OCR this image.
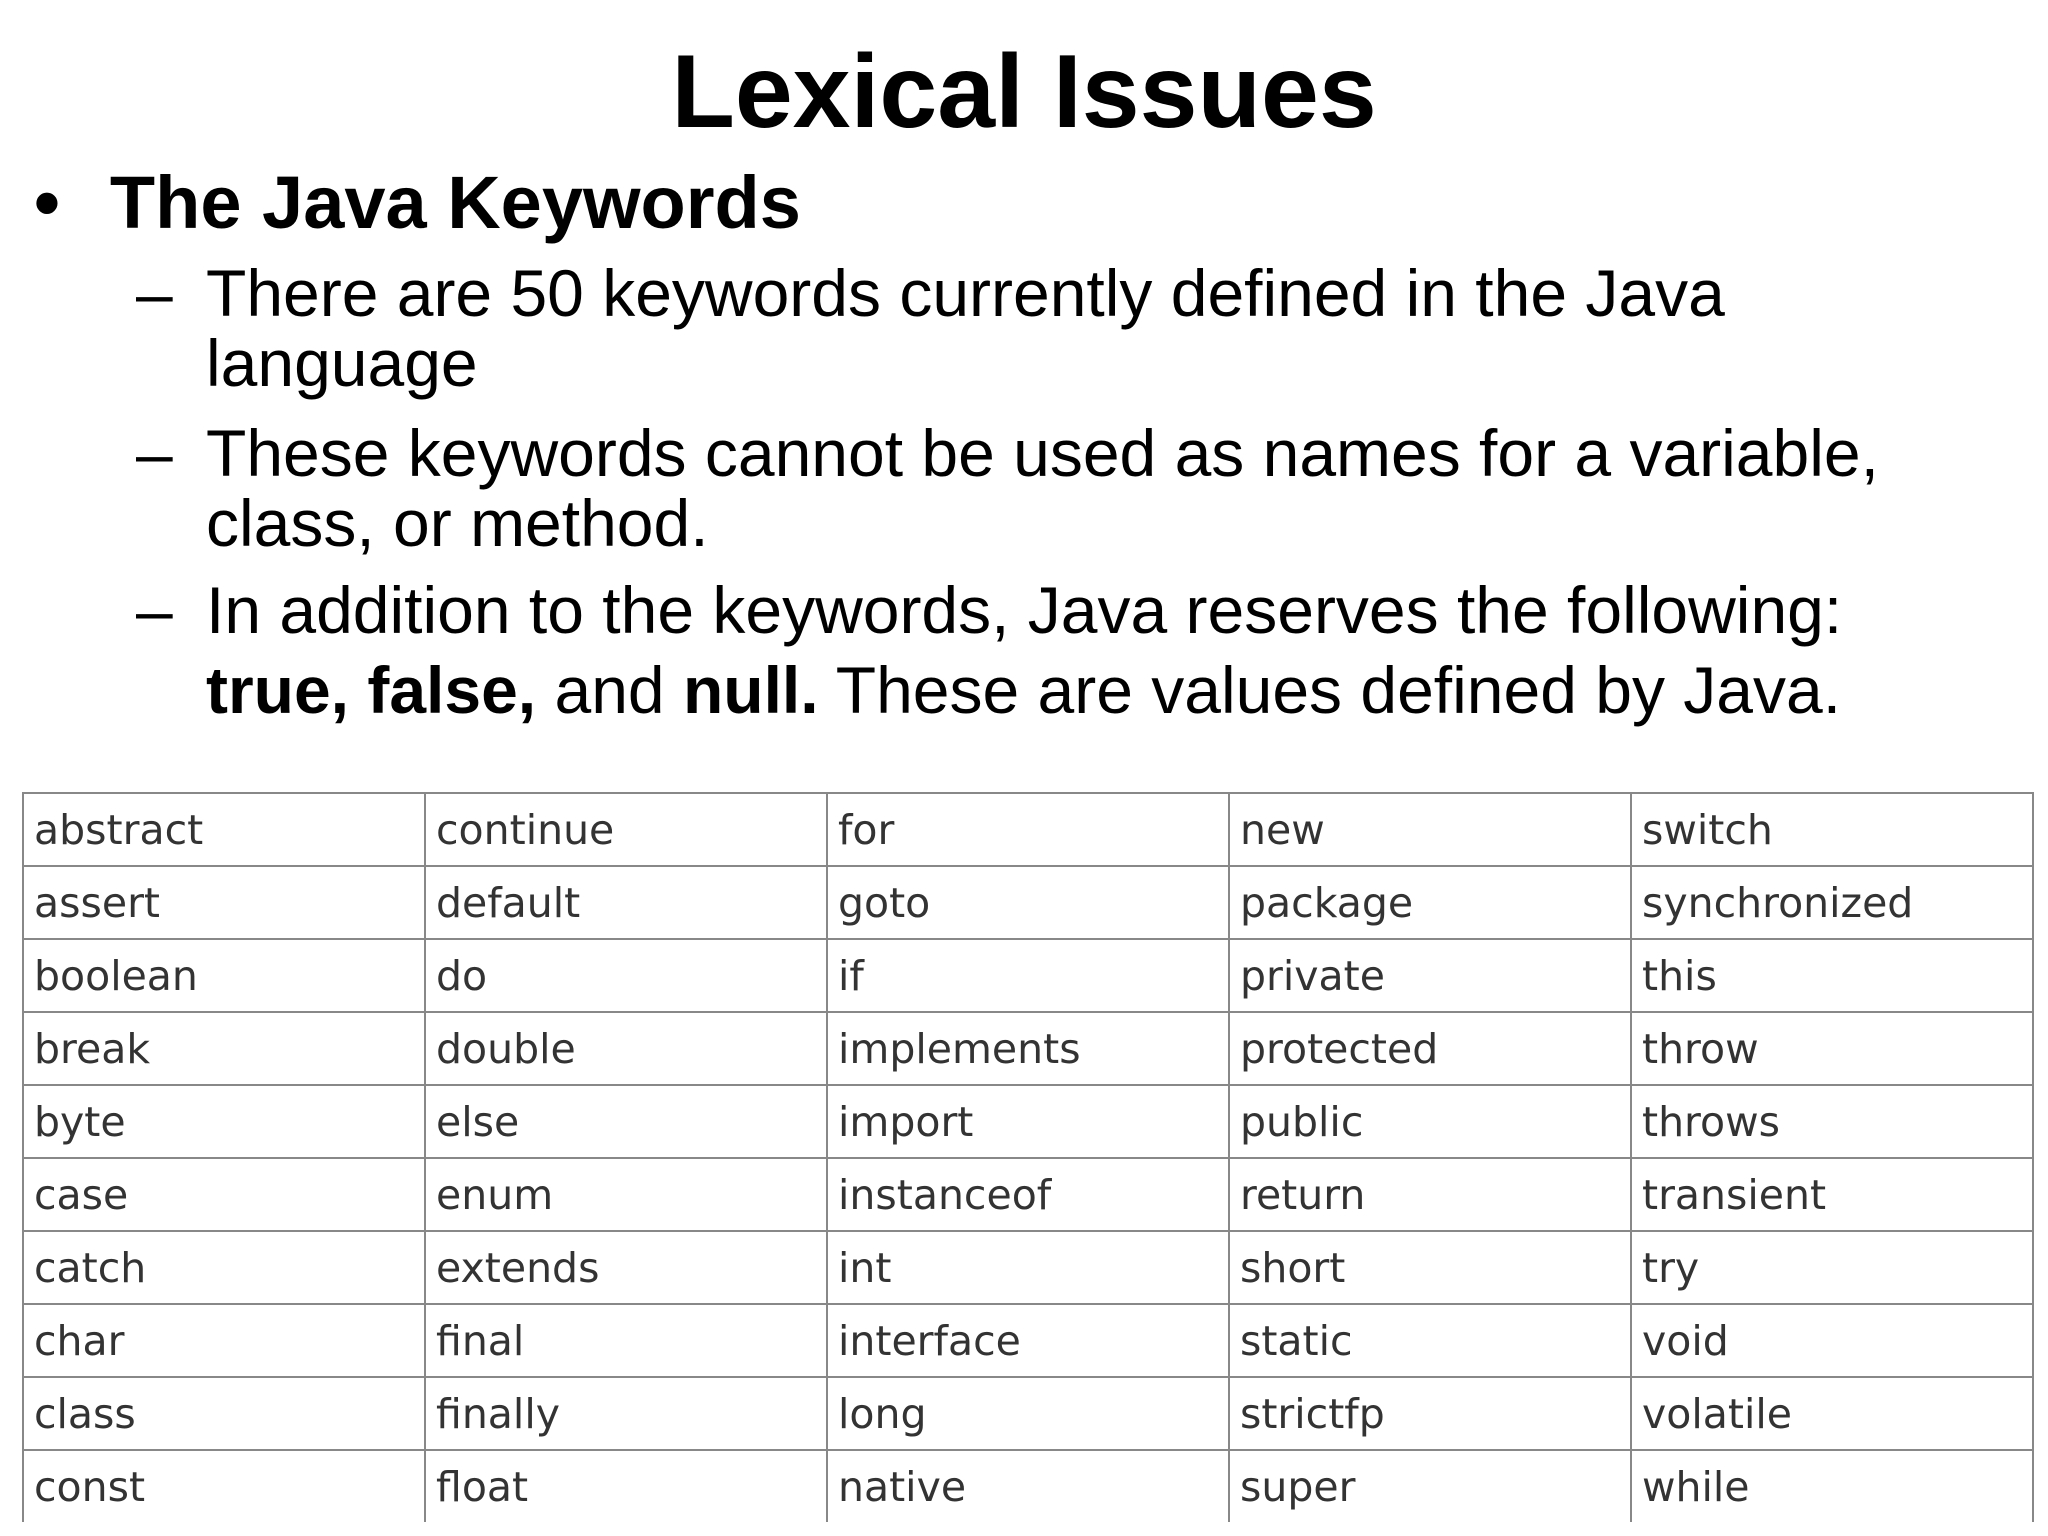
Lexical Issues
• The Java Keywords
– There are 50 keywords currently defined in the Java language
– These keywords cannot be used as names for a variable, class, or method.
– In addition to the keywords, Java reserves the following: true, false, and null. These are values defined by Java.
abstract	continue	for	new	switch
assert	default	goto	package	synchronized
boolean	do	if	private	this
break	double	implements	protected	throw
byte	else	import	public	throws
case	enum	instanceof	return	transient
catch	extends	int	short	try
char	final	interface	static	void
class	finally	long	strictfp	volatile
const	float	native	super	while
